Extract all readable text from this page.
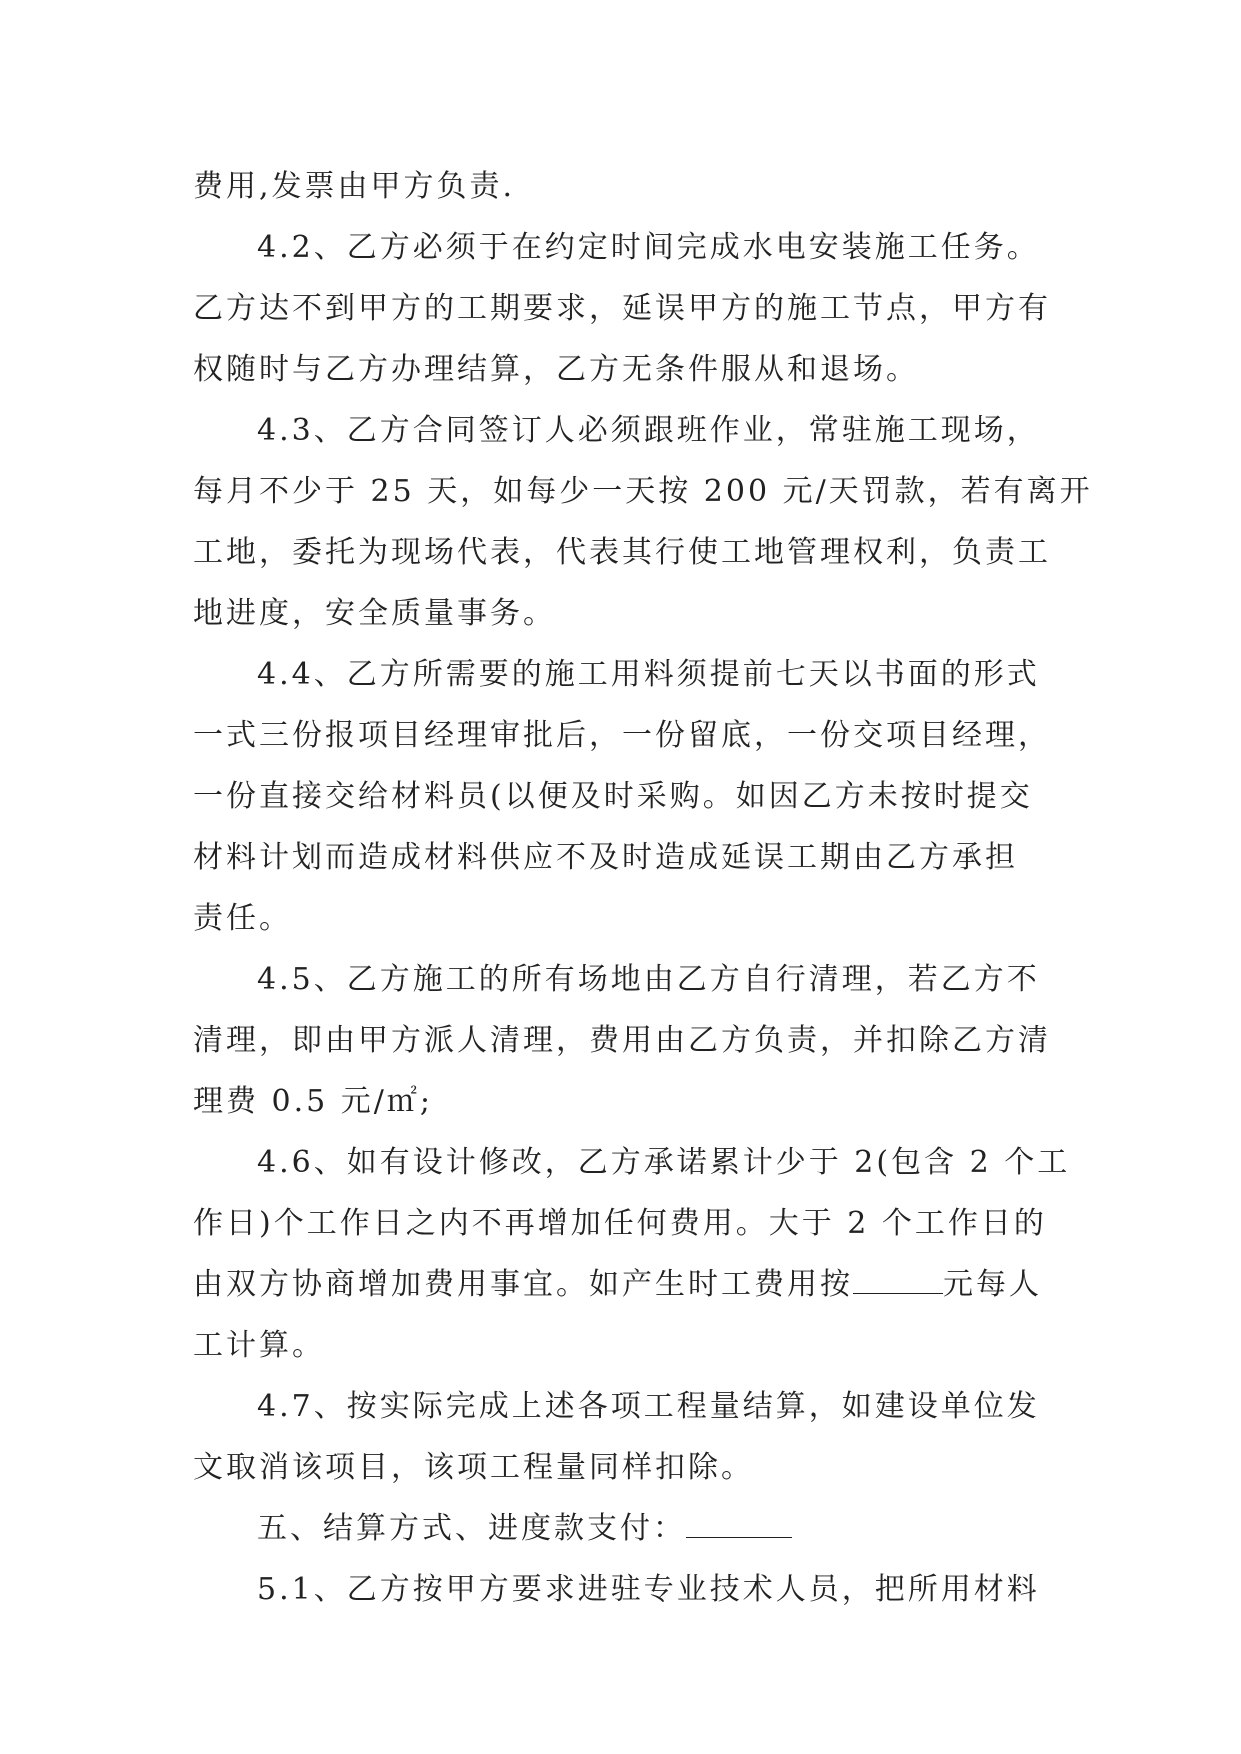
费用,发票由甲方负责.
4.2、乙方必须于在约定时间完成水电安装施工任务。
乙方达不到甲方的工期要求，延误甲方的施工节点，甲方有
权随时与乙方办理结算，乙方无条件服从和退场。
4.3、乙方合同签订人必须跟班作业，常驻施工现场，
每月不少于 25 天，如每少一天按 200 元/天罚款，若有离开
工地，委托为现场代表，代表其行使工地管理权利，负责工
地进度，安全质量事务。
4.4、乙方所需要的施工用料须提前七天以书面的形式
一式三份报项目经理审批后，一份留底，一份交项目经理，
一份直接交给材料员(以便及时采购。如因乙方未按时提交
材料计划而造成材料供应不及时造成延误工期由乙方承担
责任。
4.5、乙方施工的所有场地由乙方自行清理，若乙方不
清理，即由甲方派人清理，费用由乙方负责，并扣除乙方清
理费 0.5 元/㎡;
4.6、如有设计修改，乙方承诺累计少于 2(包含 2 个工
作日)个工作日之内不再增加任何费用。大于 2 个工作日的
由双方协商增加费用事宜。如产生时工费用按	元每人
工计算。
4.7、按实际完成上述各项工程量结算，如建设单位发
文取消该项目，该项工程量同样扣除。
五、结算方式、进度款支付：
5.1、乙方按甲方要求进驻专业技术人员，把所用材料
